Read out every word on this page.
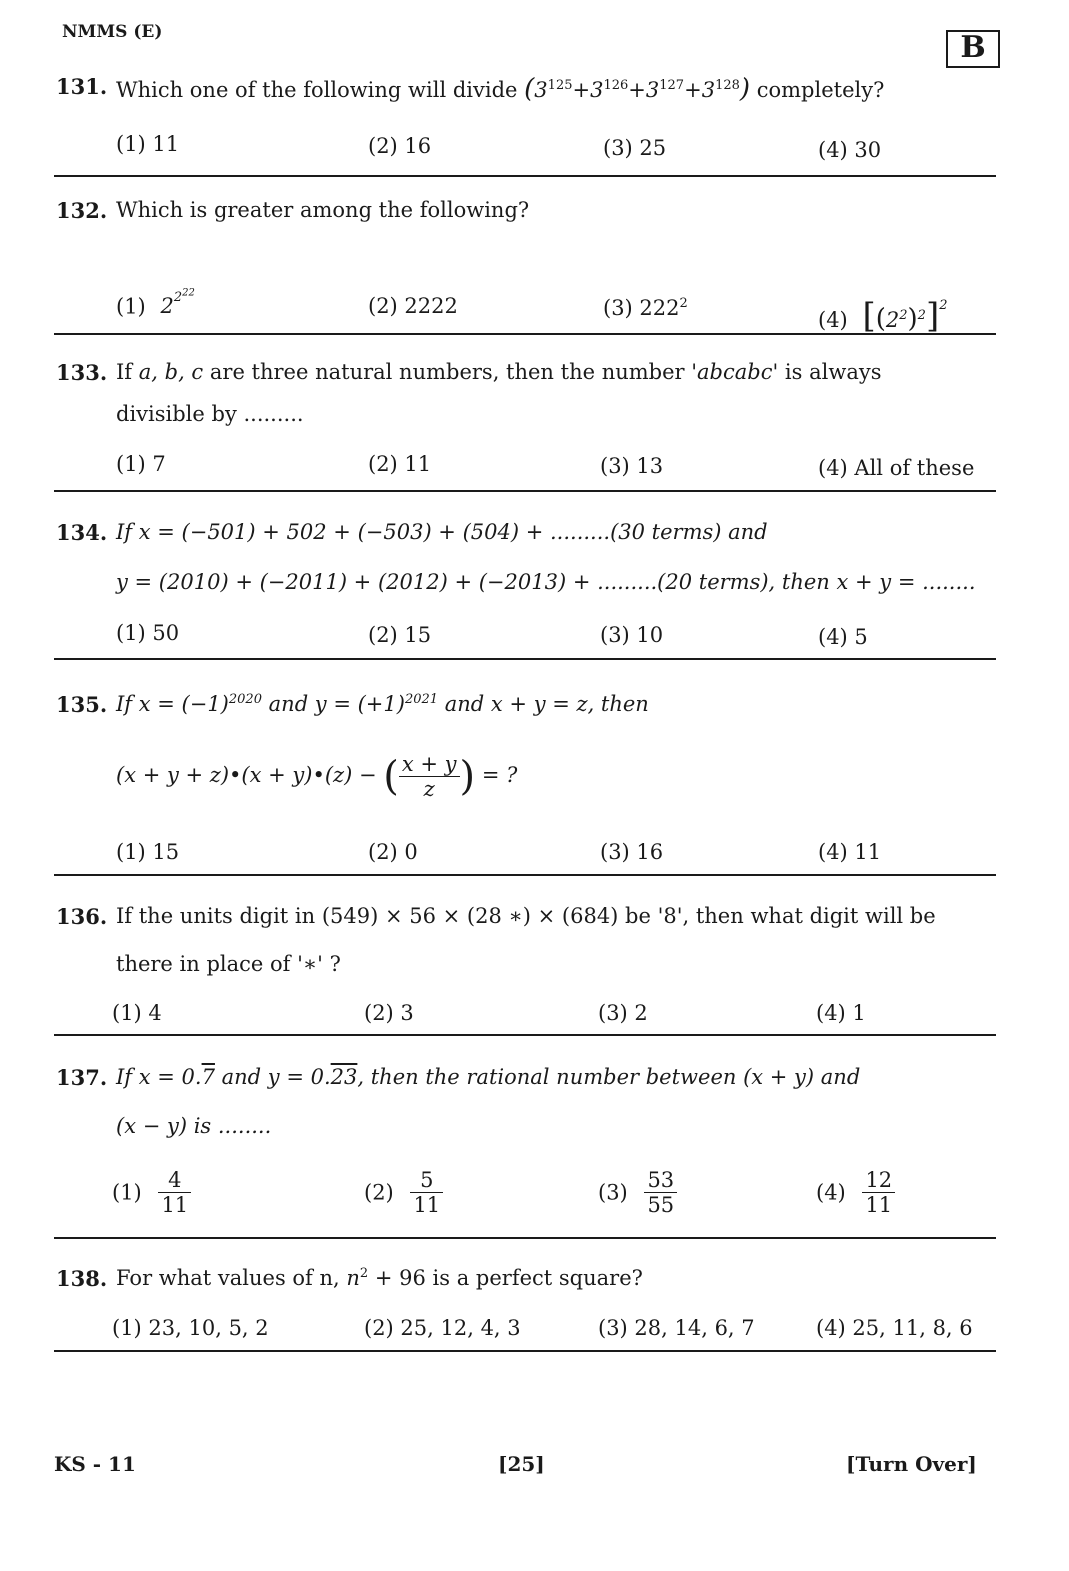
NMMS (E)	B
131. Which one of the following will divide $(3^{125}+3^{126}+3^{127}+3^{128})$ completely?
(1) 11	(2) 16	(3) 25	(4) 30
132. Which is greater among the following?
(1) $2^{2^{22}}$
(2) 2222	(3) $222^2$
(4) $[(2^2)^2]^2$
133. If a, b, c are three natural numbers, then the number 'abcabc' is always
divisible by .........
(1) 7	(2) 11	(3) 13	(4) All of these
134. If x = (−501) + 502 + (−503) + (504) + .........(30 terms) and
y = (2010) + (−2011) + (2012) + (−2013) + .........(20 terms), then x + y = ........
(1) 50	(2) 15	(3) 10	(4) 5
135. If $x = (-1)^{2020}$ and $y = (+1)^{2021}$ and x + y = z, then
(x + y + z)•(x + y)•(z) − ( $\frac{x + y}{z}$ ) = ?
(1) 15	(2) 0	(3) 16	(4) 11
136. If the units digit in (549) × 56 × (28 ∗) × (684) be '8', then what digit will be
there in place of '∗' ?
(1) 4	(2) 3	(3) 2	(4) 1
137. If x = 0.7 and y = 0.23, then the rational number between (x + y) and
(x − y) is ........
$(1) \frac{4}{11}$	$(2) \frac{5}{11}$	$(3) \frac{53}{55}$	$(4) \frac{12}{11}$
138. For what values of n, $n^2 + 96$ is a perfect square?
(1) 23, 10, 5, 2	(2) 25, 12, 4, 3	(3) 28, 14, 6, 7	(4) 25, 11, 8, 6
KS - 11	[25]	[Turn Over]
